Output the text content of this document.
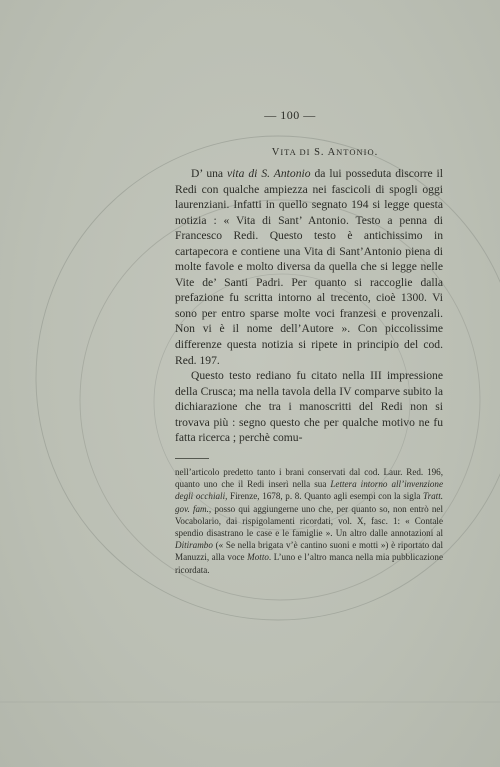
— 100 —
VITA DI S. ANTONIO.

D’ una vita di S. Antonio da lui posseduta discorre il Redi con qualche ampiezza nei fascicoli di spogli oggi laurenziani. Infatti in quello segnato 194 si legge questa notizia : « Vita di Sant’ Antonio. Testo a penna di Francesco Redi. Questo testo è antichissimo in cartapecora e contiene una Vita di Sant’Antonio piena di molte favole e molto diversa da quella che si legge nelle Vite de’ Santi Padri. Per quanto si raccoglie dalla prefazione fu scritta intorno al trecento, cioè 1300. Vi sono per entro sparse molte voci franzesi e provenzali. Non vi è il nome dell’Autore ». Con piccolissime differenze questa notizia si ripete in principio del cod. Red. 197.

Questo testo rediano fu citato nella III impressione della Crusca; ma nella tavola della IV comparve subito la dichiarazione che tra i manoscritti del Redi non si trovava più : segno questo che per qualche motivo ne fu fatta ricerca ; perchè comu-

nell’articolo predetto tanto i brani conservati dal cod. Laur. Red. 196, quanto uno che il Redi inserì nella sua Lettera intorno all’invenzione degli occhiali, Firenze, 1678, p. 8. Quanto agli esempi con la sigla Tratt. gov. fam., posso qui aggiungerne uno che, per quanto so, non entrò nel Vocabolario, dai rispigolamenti ricordati, vol. X, fasc. 1: « Contale spendio disastrano le case e le famiglie ». Un altro dalle annotazioni al Ditirambo (« Se nella brigata v’è cantino suoni e motti ») è riportato dal Manuzzi, alla voce Motto. L’uno e l’altro manca nella mia pubblicazione ricordata.
